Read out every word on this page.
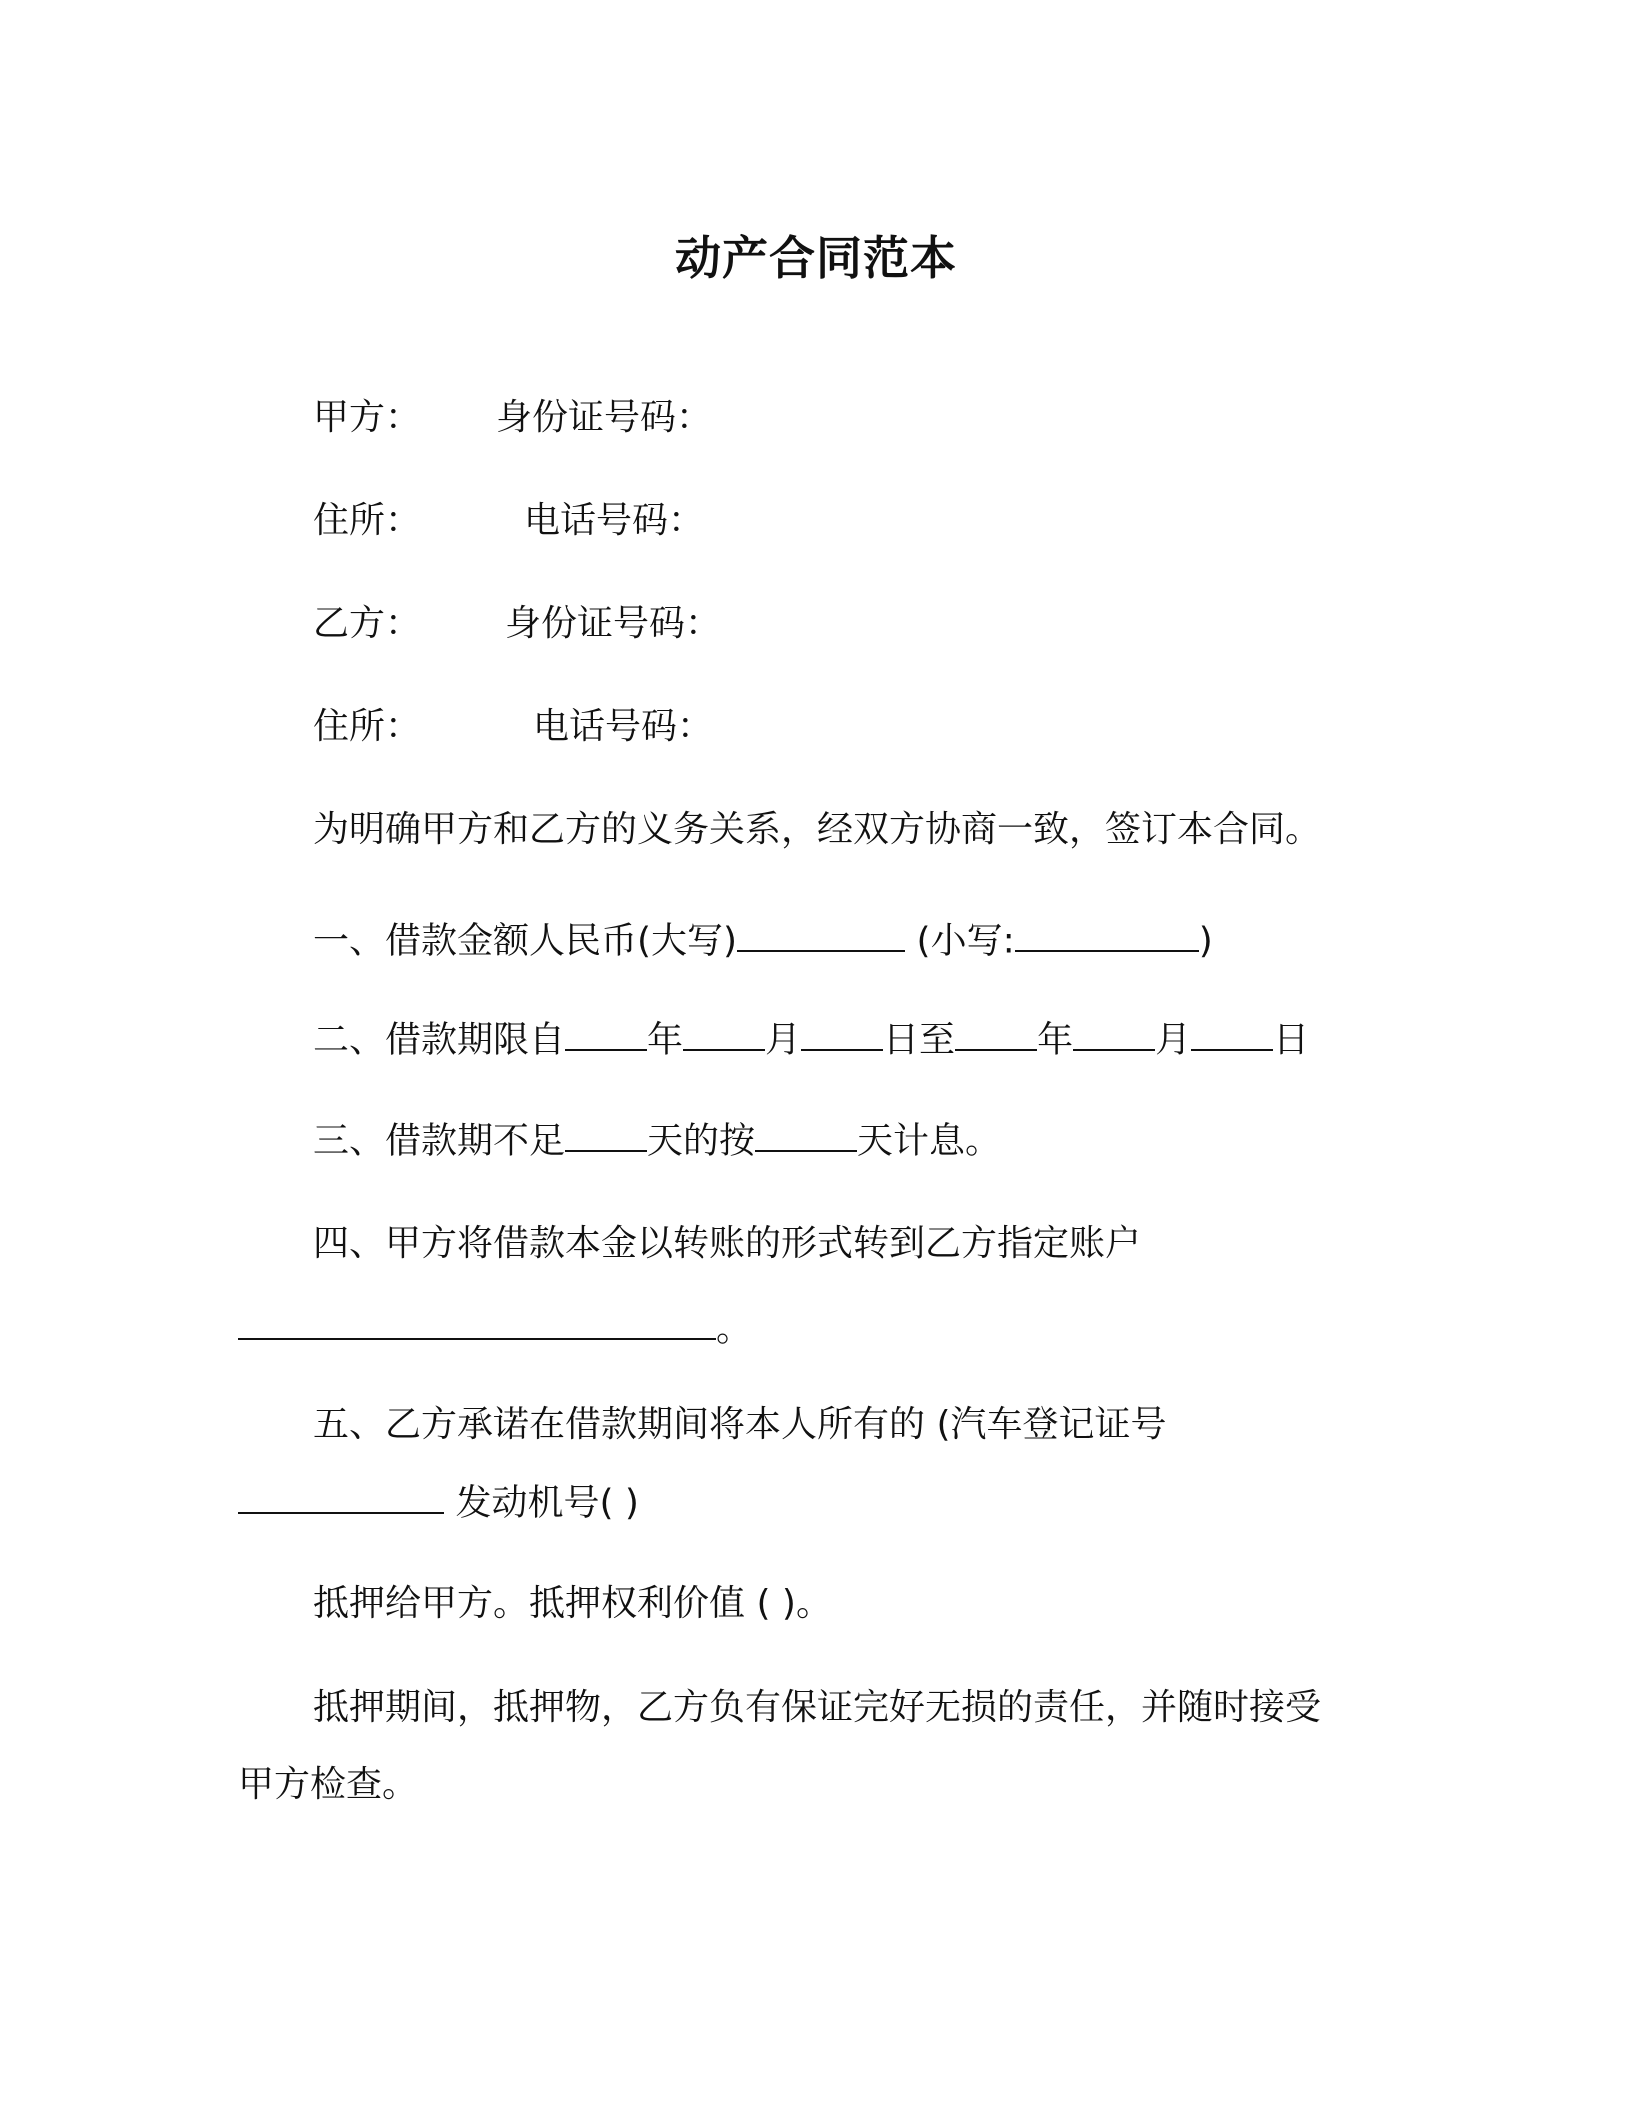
动产合同范本
甲方： 身份证号码：
住所：	电话号码：
乙方： 身份证号码：
住所：	电话号码：
为明确甲方和乙方的义务关系，经双方协商一致，签订本合同。
一、借款金额人民币(大写)	(小写:	)
二、借款期限自 年 月 日至 年 月 日
三、借款期不足 天的按	天计息。
四、甲方将借款本金以转账的形式转到乙方指定账户
。
五、乙方承诺在借款期间将本人所有的 (汽车登记证号
发动机号( )
抵押给甲方。抵押权利价值 ( )。
抵押期间，抵押物，乙方负有保证完好无损的责任，并随时接受
甲方检查。
